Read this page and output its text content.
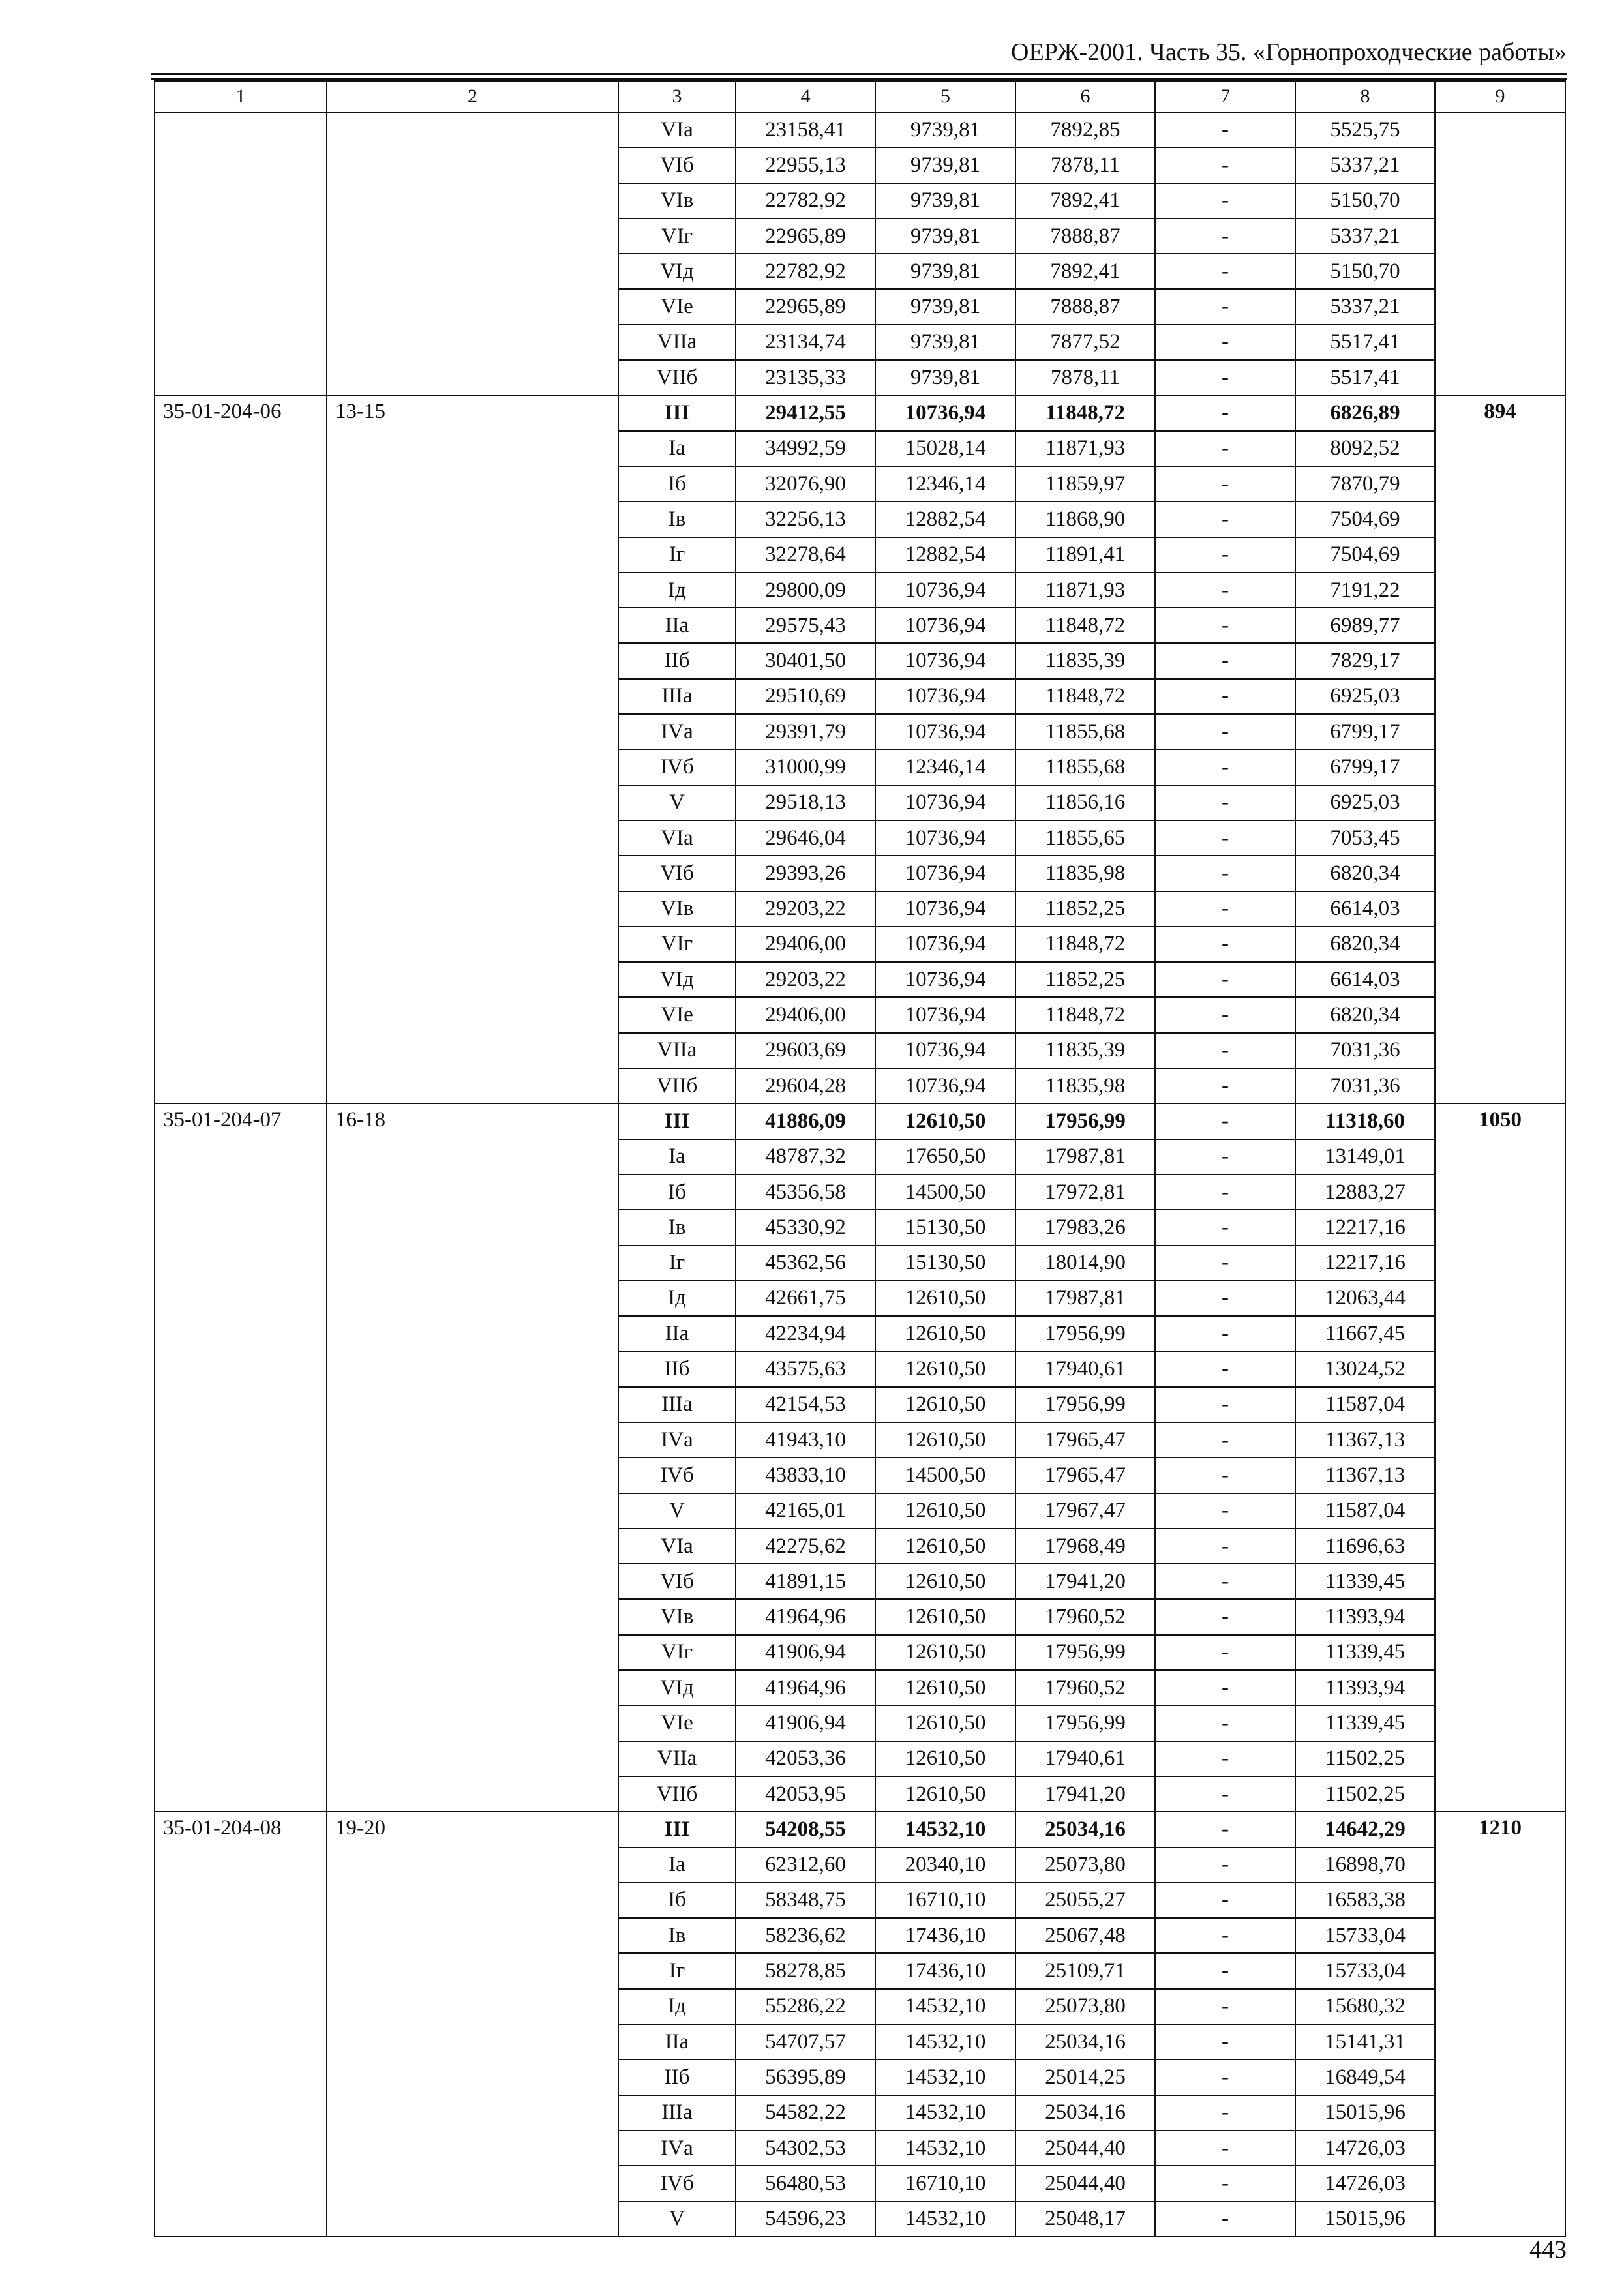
ОЕРЖ-2001. Часть 35. «Горнопроходческие работы»
1	2	3	4	5	6	7	8	9
		VIа	23158,41	9739,81	7892,85	-	5525,75	
		VIб	22955,13	9739,81	7878,11	-	5337,21	
		VIв	22782,92	9739,81	7892,41	-	5150,70	
		VIг	22965,89	9739,81	7888,87	-	5337,21	
		VIд	22782,92	9739,81	7892,41	-	5150,70	
		VIе	22965,89	9739,81	7888,87	-	5337,21	
		VIIа	23134,74	9739,81	7877,52	-	5517,41	
		VIIб	23135,33	9739,81	7878,11	-	5517,41	
35-01-204-06	13-15	III	29412,55	10736,94	11848,72	-	6826,89	894
		Iа	34992,59	15028,14	11871,93	-	8092,52	
		Iб	32076,90	12346,14	11859,97	-	7870,79	
		Iв	32256,13	12882,54	11868,90	-	7504,69	
		Iг	32278,64	12882,54	11891,41	-	7504,69	
		Iд	29800,09	10736,94	11871,93	-	7191,22	
		IIа	29575,43	10736,94	11848,72	-	6989,77	
		IIб	30401,50	10736,94	11835,39	-	7829,17	
		IIIа	29510,69	10736,94	11848,72	-	6925,03	
		IVа	29391,79	10736,94	11855,68	-	6799,17	
		IVб	31000,99	12346,14	11855,68	-	6799,17	
		V	29518,13	10736,94	11856,16	-	6925,03	
		VIа	29646,04	10736,94	11855,65	-	7053,45	
		VIб	29393,26	10736,94	11835,98	-	6820,34	
		VIв	29203,22	10736,94	11852,25	-	6614,03	
		VIг	29406,00	10736,94	11848,72	-	6820,34	
		VIд	29203,22	10736,94	11852,25	-	6614,03	
		VIе	29406,00	10736,94	11848,72	-	6820,34	
		VIIа	29603,69	10736,94	11835,39	-	7031,36	
		VIIб	29604,28	10736,94	11835,98	-	7031,36	
35-01-204-07	16-18	III	41886,09	12610,50	17956,99	-	11318,60	1050
		Iа	48787,32	17650,50	17987,81	-	13149,01	
		Iб	45356,58	14500,50	17972,81	-	12883,27	
		Iв	45330,92	15130,50	17983,26	-	12217,16	
		Iг	45362,56	15130,50	18014,90	-	12217,16	
		Iд	42661,75	12610,50	17987,81	-	12063,44	
		IIа	42234,94	12610,50	17956,99	-	11667,45	
		IIб	43575,63	12610,50	17940,61	-	13024,52	
		IIIа	42154,53	12610,50	17956,99	-	11587,04	
		IVа	41943,10	12610,50	17965,47	-	11367,13	
		IVб	43833,10	14500,50	17965,47	-	11367,13	
		V	42165,01	12610,50	17967,47	-	11587,04	
		VIа	42275,62	12610,50	17968,49	-	11696,63	
		VIб	41891,15	12610,50	17941,20	-	11339,45	
		VIв	41964,96	12610,50	17960,52	-	11393,94	
		VIг	41906,94	12610,50	17956,99	-	11339,45	
		VIд	41964,96	12610,50	17960,52	-	11393,94	
		VIе	41906,94	12610,50	17956,99	-	11339,45	
		VIIа	42053,36	12610,50	17940,61	-	11502,25	
		VIIб	42053,95	12610,50	17941,20	-	11502,25	
35-01-204-08	19-20	III	54208,55	14532,10	25034,16	-	14642,29	1210
		Iа	62312,60	20340,10	25073,80	-	16898,70	
		Iб	58348,75	16710,10	25055,27	-	16583,38	
		Iв	58236,62	17436,10	25067,48	-	15733,04	
		Iг	58278,85	17436,10	25109,71	-	15733,04	
		Iд	55286,22	14532,10	25073,80	-	15680,32	
		IIа	54707,57	14532,10	25034,16	-	15141,31	
		IIб	56395,89	14532,10	25014,25	-	16849,54	
		IIIа	54582,22	14532,10	25034,16	-	15015,96	
		IVа	54302,53	14532,10	25044,40	-	14726,03	
		IVб	56480,53	16710,10	25044,40	-	14726,03	
		V	54596,23	14532,10	25048,17	-	15015,96	
443
